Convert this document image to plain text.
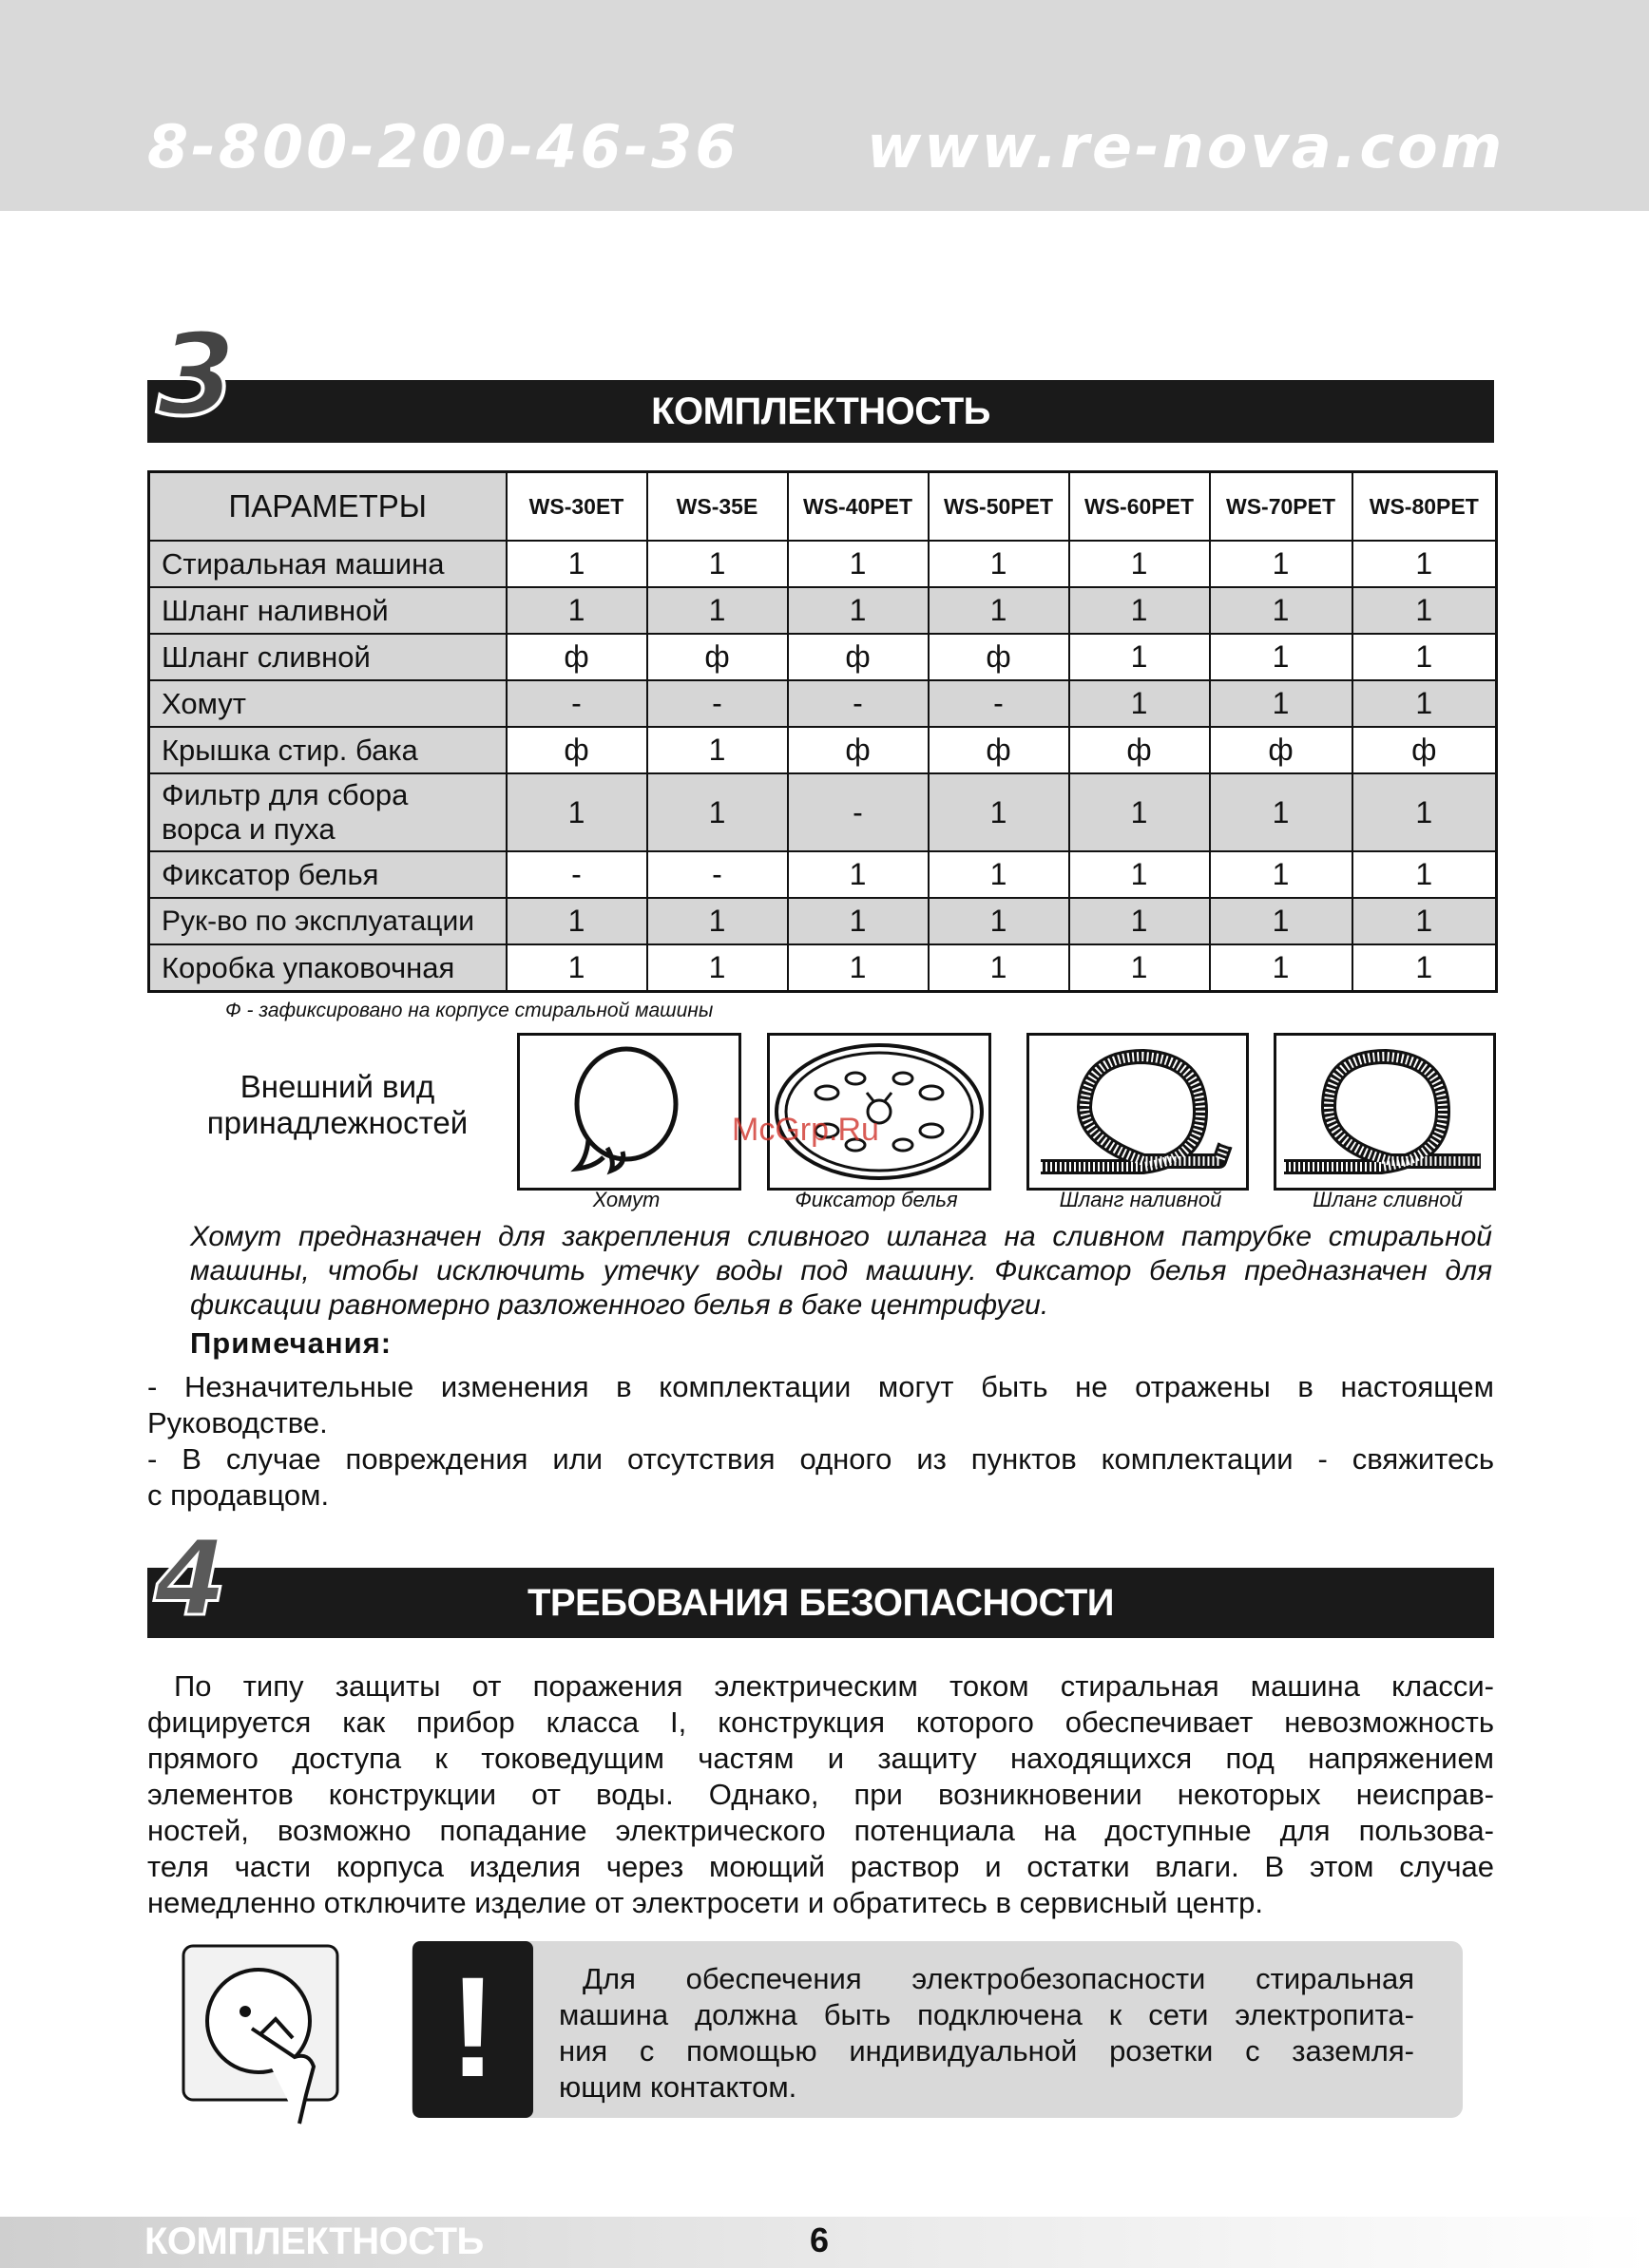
8-800-200-46-36 www.re-nova.com
КОМПЛЕКТНОСТЬ
3
ПАРАМЕТРЫ	WS-30ET	WS-35E	WS-40PET	WS-50PET	WS-60PET	WS-70PET	WS-80PET
Стиральная машина	1	1	1	1	1	1	1
Шланг наливной	1	1	1	1	1	1	1
Шланг сливной	ф	ф	ф	ф	1	1	1
Хомут	-	-	-	-	1	1	1
Крышка стир. бака	ф	1	ф	ф	ф	ф	ф
Фильтр для сбора ворса и пуха	1	1	-	1	1	1	1
Фиксатор белья	-	-	1	1	1	1	1
Рук-во по эксплуатации	1	1	1	1	1	1	1
Коробка упаковочная	1	1	1	1	1	1	1
Ф - зафиксировано на корпусе стиральной машины
Внешний вид
принадлежностей	McGrp.Ru
Хомут	Фиксатор белья	Шланг наливной	Шланг сливной
Хомут предназначен для закрепления сливного шланга на сливном патрубке стиральной
машины, чтобы исключить утечку воды под машину. Фиксатор белья предназначен для
фиксации равномерно разложенного белья в баке центрифуги.
Примечания:
- Незначительные изменения в комплектации могут быть не отражены в настоящем
Руководстве.
- В случае повреждения или отсутствия одного из пунктов комплектации - свяжитесь
с продавцом.
ТРЕБОВАНИЯ БЕЗОПАСНОСТИ
4
По типу защиты от поражения электрическим током стиральная машина класси-
фицируется как прибор класса I, конструкция которого обеспечивает невозможность
прямого доступа к токоведущим частям и защиту находящихся под напряжением
элементов конструкции от воды. Однако, при возникновении некоторых неисправ-
ностей, возможно попадание электрического потенциала на доступные для пользова-
теля части корпуса изделия через моющий раствор и остатки влаги. В этом случае
немедленно отключите изделие от электросети и обратитесь в сервисный центр.
!	Для обеспечения электробезопасности стиральная
машина должна быть подключена к сети электропита-
ния с помощью индивидуальной розетки с заземля-
ющим контактом.
КОМПЛЕКТНОСТЬ	6
